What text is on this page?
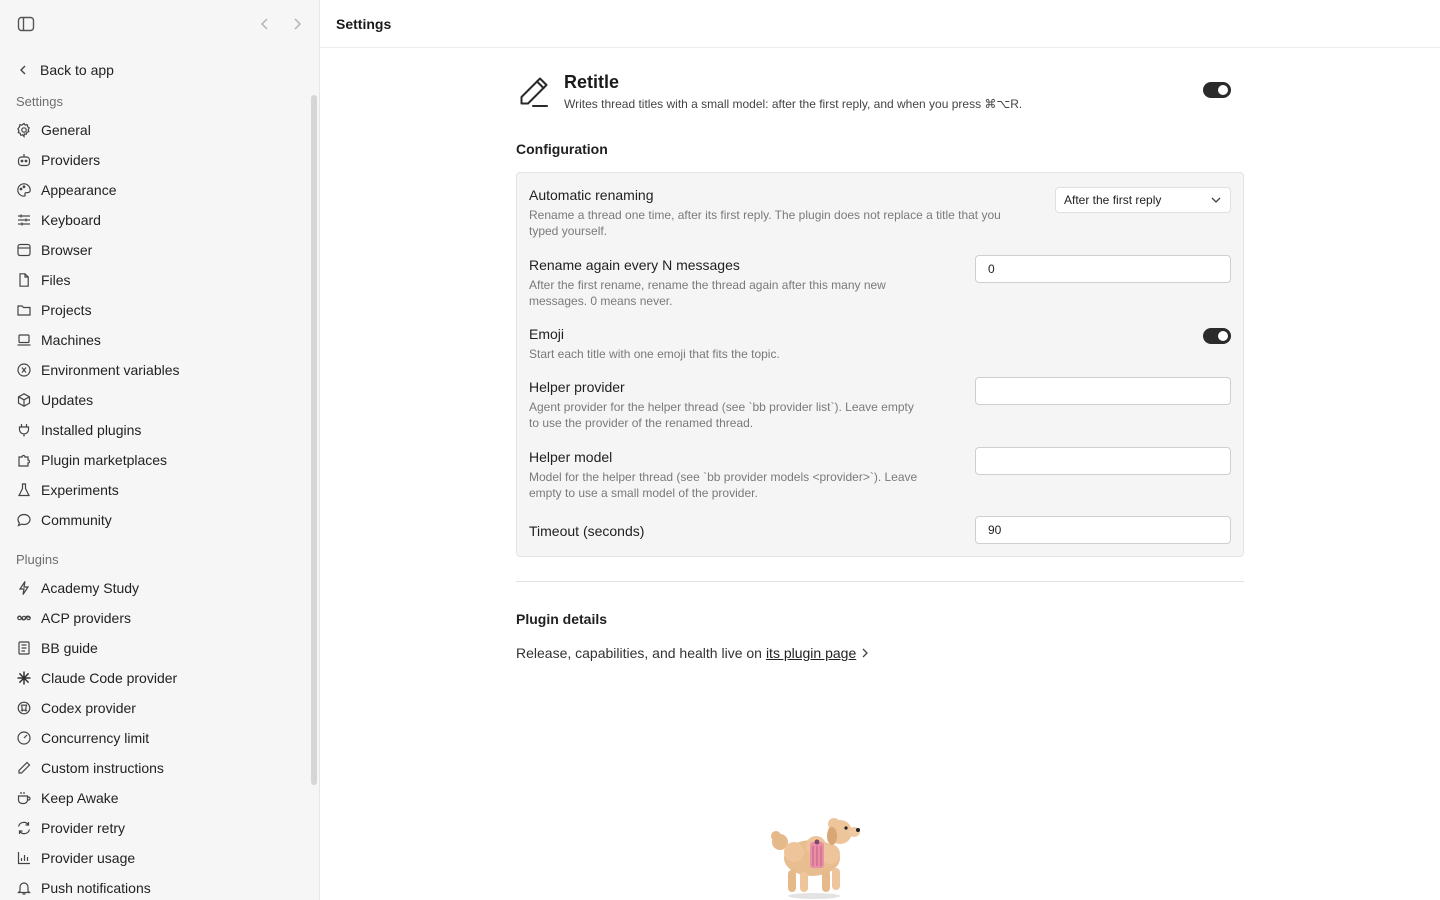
Back to app
Settings
General
Providers
Appearance
Keyboard
Browser
Files
Projects
Machines
Environment variables
Updates
Installed plugins
Plugin marketplaces
Experiments
Community
Plugins
Academy Study
ACP providers
BB guide
Claude Code provider
Codex provider
Concurrency limit
Custom instructions
Keep Awake
Provider retry
Provider usage
Push notifications
Settings
Retitle
Writes thread titles with a small model: after the first reply, and when you press ⌘⌥R.
Configuration
Automatic renaming
Rename a thread one time, after its first reply. The plugin does not replace a title that you
typed yourself.
After the first reply
Rename again every N messages
After the first rename, rename the thread again after this many new
messages. 0 means never.
0
Emoji
Start each title with one emoji that fits the topic.
Helper provider
Agent provider for the helper thread (see `bb provider list`). Leave empty
to use the provider of the renamed thread.
Helper model
Model for the helper thread (see `bb provider models <provider>`). Leave
empty to use a small model of the provider.
Timeout (seconds)	90
Plugin details
Release, capabilities, and health live on its plugin page
